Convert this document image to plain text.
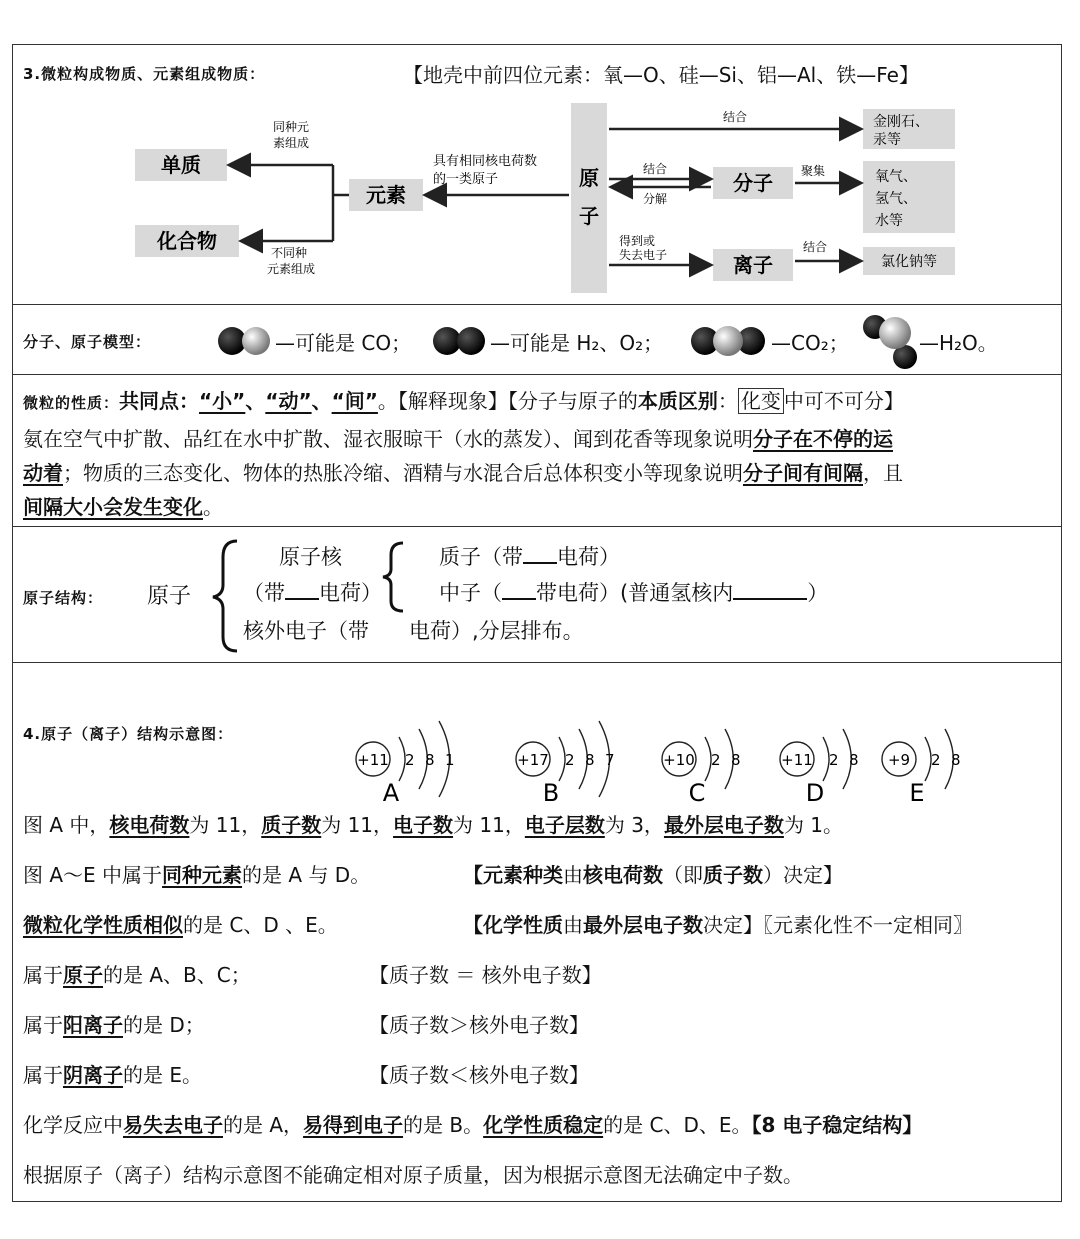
3.微粒构成物质、元素组成物质：	【地壳中前四位元素：氧—O、硅—Si、铝—Al、铁—Fe】
单质
化合物
元素
原
子
分子
离子
金刚石、
汞等
氧气、
氢气、
水等
氯化钠等
同种元
素组成
不同种
元素组成
具有相同核电荷数
的一类原子
结合
结合
分解
聚集
得到或
失去电子
结合
分子、原子模型：	—可能是 CO；	—可能是 H₂、O₂；	—CO₂；	—H₂O。
微粒的性质：共同点：“小”、“动”、“间”。【解释现象】【分子与原子的本质区别： 化变 中可不可分】
氨在空气中扩散、品红在水中扩散、湿衣服晾干（水的蒸发）、闻到花香等现象说明分子在不停的运
动着；物质的三态变化、物体的热胀冷缩、酒精与水混合后总体积变小等现象说明分子间有间隔，且
间隔大小会发生变化。
原子结构： 原子
原子核
（带 电荷）
质子（带 电荷）
中子（ 带电荷）(普通氢核内	）
核外电子（带 电荷）,分层排布。
4.原子（离子）结构示意图：
+11 2 8 1
A
+17 2 8 7
B
+10 2 8
C
+11 2 8
D
+9 2 8
E
图 A 中，核电荷数为 11，质子数为 11，电子数为 11，电子层数为 3，最外层电子数为 1。
图 A～E 中属于同种元素的是 A 与 D。	【元素种类由核电荷数（即质子数）决定】
微粒化学性质相似的是 C、D 、E。	【化学性质由最外层电子数决定】〖元素化性不一定相同〗
属于原子的是 A、B、C；	【质子数 ＝ 核外电子数】
属于阳离子的是 D；	【质子数＞核外电子数】
属于阴离子的是 E。	【质子数＜核外电子数】
化学反应中易失去电子的是 A，易得到电子的是 B。化学性质稳定的是 C、D、E。【8 电子稳定结构】
根据原子（离子）结构示意图不能确定相对原子质量，因为根据示意图无法确定中子数。
